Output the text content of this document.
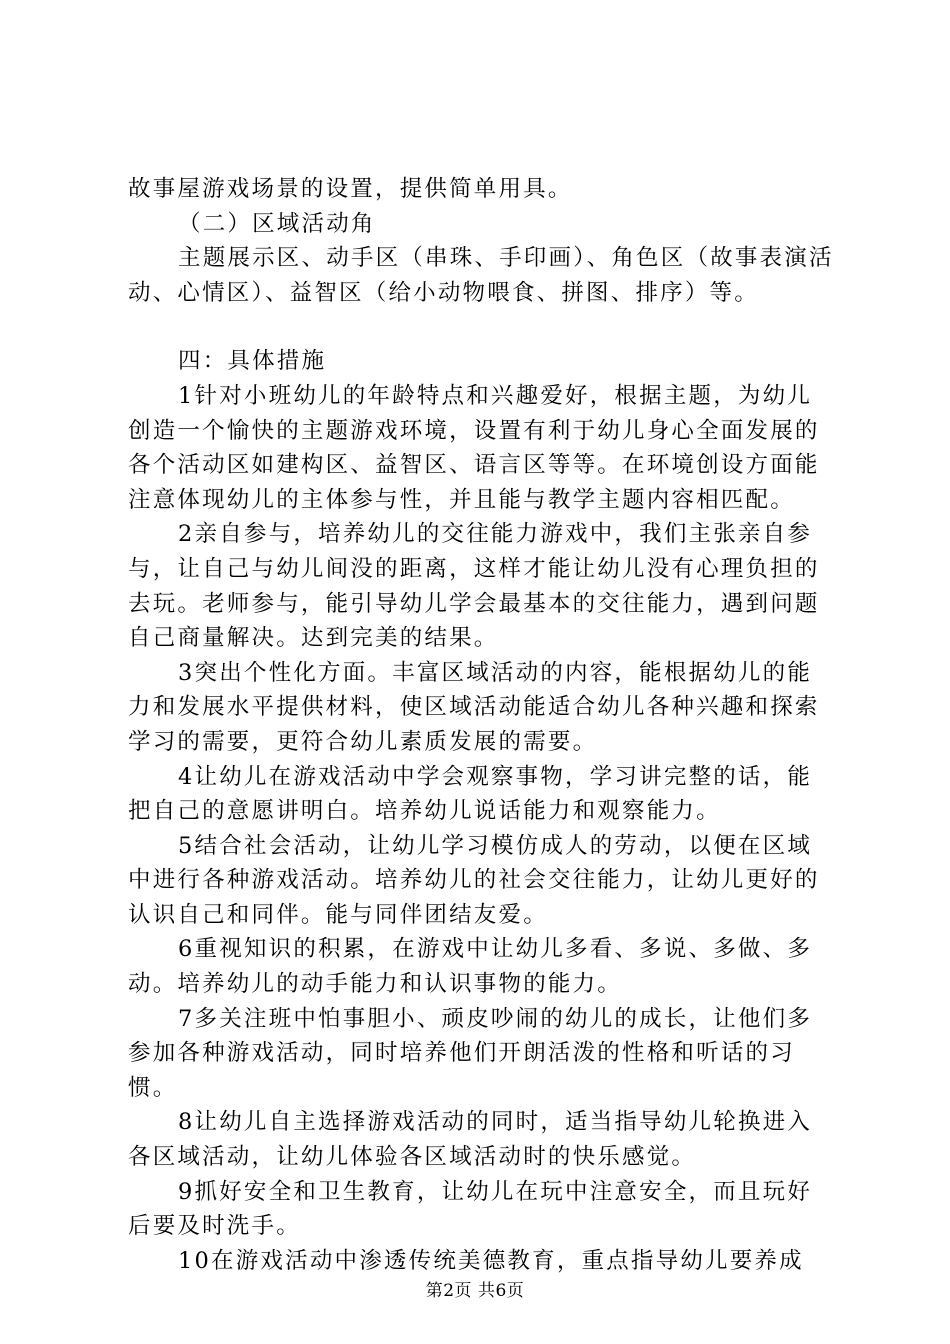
故事屋游戏场景的设置，提供简单用具。

（二）区域活动角

主题展示区、动手区（串珠、手印画）、角色区（故事表演活动、心情区）、益智区（给小动物喂食、拼图、排序）等。

四：具体措施

1针对小班幼儿的年龄特点和兴趣爱好，根据主题，为幼儿创造一个愉快的主题游戏环境，设置有利于幼儿身心全面发展的各个活动区如建构区、益智区、语言区等等。在环境创设方面能注意体现幼儿的主体参与性，并且能与教学主题内容相匹配。

2亲自参与，培养幼儿的交往能力游戏中，我们主张亲自参与，让自己与幼儿间没的距离，这样才能让幼儿没有心理负担的去玩。老师参与，能引导幼儿学会最基本的交往能力，遇到问题自己商量解决。达到完美的结果。

3突出个性化方面。丰富区域活动的内容，能根据幼儿的能力和发展水平提供材料，使区域活动能适合幼儿各种兴趣和探索学习的需要，更符合幼儿素质发展的需要。

4让幼儿在游戏活动中学会观察事物，学习讲完整的话，能把自己的意愿讲明白。培养幼儿说话能力和观察能力。

5结合社会活动，让幼儿学习模仿成人的劳动，以便在区域中进行各种游戏活动。培养幼儿的社会交往能力，让幼儿更好的认识自己和同伴。能与同伴团结友爱。

6重视知识的积累，在游戏中让幼儿多看、多说、多做、多动。培养幼儿的动手能力和认识事物的能力。

7多关注班中怕事胆小、顽皮吵闹的幼儿的成长，让他们多参加各种游戏活动，同时培养他们开朗活泼的性格和听话的习惯。

8让幼儿自主选择游戏活动的同时，适当指导幼儿轮换进入各区域活动，让幼儿体验各区域活动时的快乐感觉。

9抓好安全和卫生教育，让幼儿在玩中注意安全，而且玩好后要及时洗手。

10在游戏活动中渗透传统美德教育，重点指导幼儿要养成

第2页 共6页
